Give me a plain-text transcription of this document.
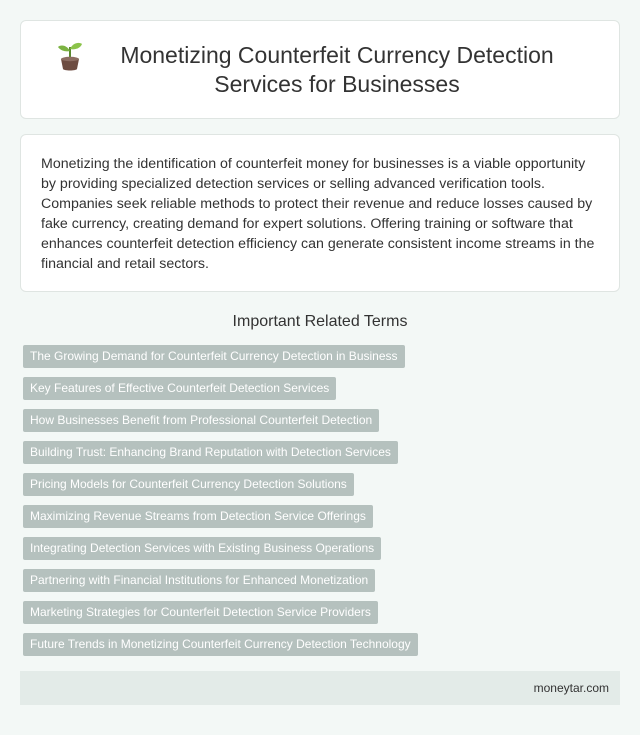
Monetizing Counterfeit Currency Detection Services for Businesses

Monetizing the identification of counterfeit money for businesses is a viable opportunity by providing specialized detection services or selling advanced verification tools. Companies seek reliable methods to protect their revenue and reduce losses caused by fake currency, creating demand for expert solutions. Offering training or software that enhances counterfeit detection efficiency can generate consistent income streams in the financial and retail sectors.

Important Related Terms
The Growing Demand for Counterfeit Currency Detection in Business
Key Features of Effective Counterfeit Detection Services
How Businesses Benefit from Professional Counterfeit Detection
Building Trust: Enhancing Brand Reputation with Detection Services
Pricing Models for Counterfeit Currency Detection Solutions
Maximizing Revenue Streams from Detection Service Offerings
Integrating Detection Services with Existing Business Operations
Partnering with Financial Institutions for Enhanced Monetization
Marketing Strategies for Counterfeit Detection Service Providers
Future Trends in Monetizing Counterfeit Currency Detection Technology
moneytar.com
